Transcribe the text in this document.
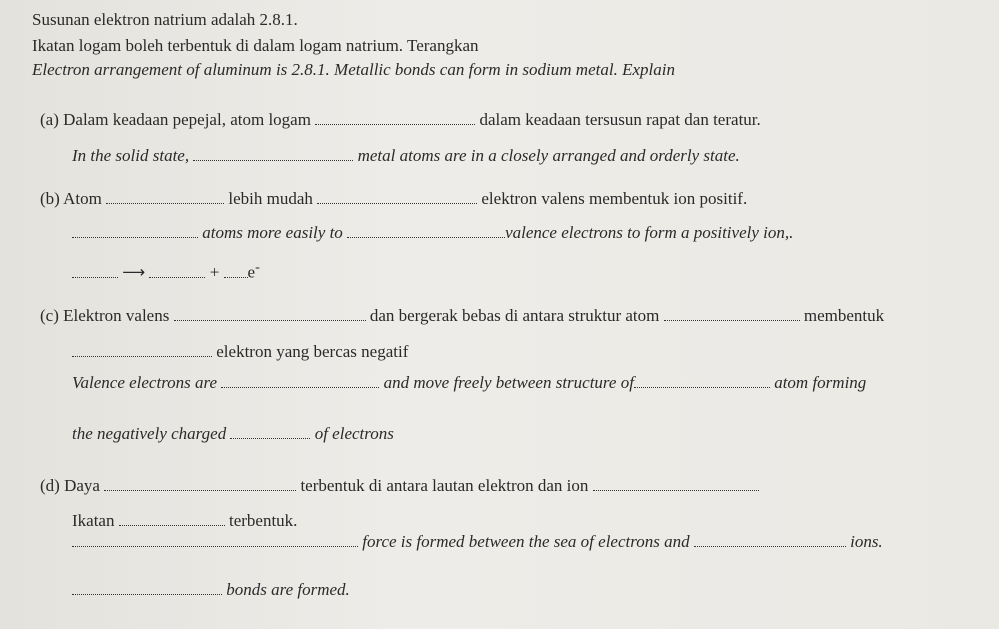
Susunan elektron natrium adalah 2.8.1.
Ikatan logam boleh terbentuk di dalam logam natrium. Terangkan
Electron arrangement of aluminum is 2.8.1. Metallic bonds can form in sodium metal. Explain
(a) Dalam keadaan pepejal, atom logam	dalam keadaan tersusun rapat dan teratur.
In the solid state,	metal atoms are in a closely arranged and orderly state.
(b) Atom	lebih mudah	elektron valens membentuk ion positif.
atoms more easily to	valence electrons to form a positively ion,.
⟶	+ e-
(c) Elektron valens	dan bergerak bebas di antara struktur atom	membentuk
elektron yang bercas negatif
Valence electrons are	and move freely between structure of	atom forming
the negatively charged	of electrons
(d) Daya	terbentuk di antara lautan elektron dan ion
Ikatan	terbentuk.
force is formed between the sea of electrons and	ions.
bonds are formed.
